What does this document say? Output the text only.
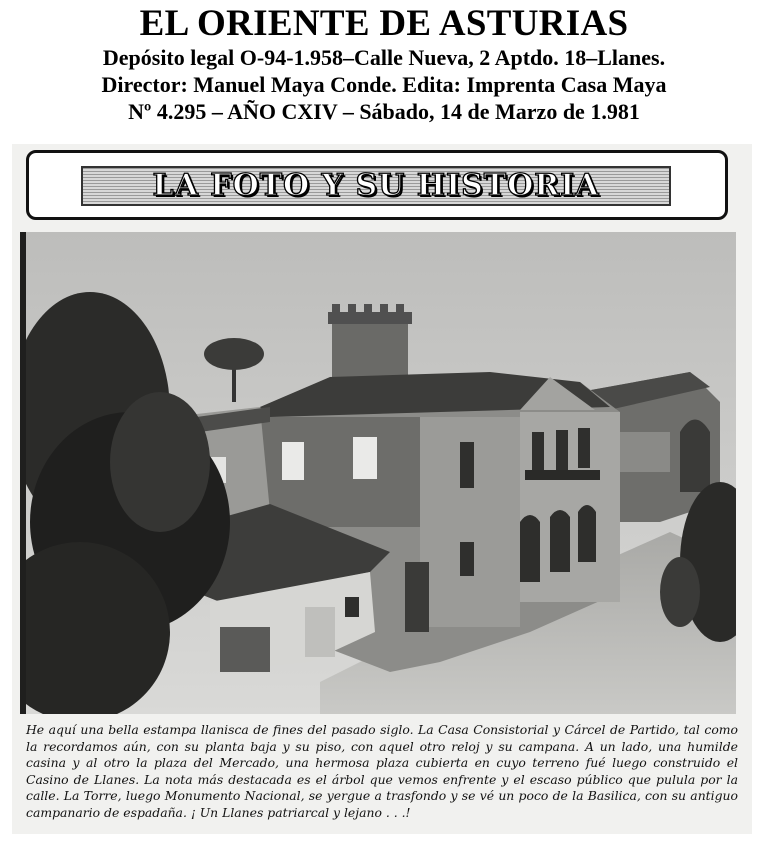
EL ORIENTE DE ASTURIAS
Depósito legal O-94-1.958–Calle Nueva, 2 Aptdo. 18–Llanes.
Director: Manuel Maya Conde. Edita: Imprenta Casa Maya
Nº 4.295 – AÑO CXIV – Sábado, 14 de Marzo de 1.981
LA FOTO Y SU HISTORIA
He aquí una bella estampa llanisca de fines del pasado siglo. La Casa Consistorial y Cárcel de Partido, tal como la recordamos aún, con su planta baja y su piso, con aquel otro reloj y su campana. A un lado, una humilde casina y al otro la plaza del Mercado, una hermosa plaza cubierta en cuyo terreno fué luego construido el Casino de Llanes. La nota más destacada es el árbol que vemos enfrente y el escaso público que pulula por la calle. La Torre, luego Monumento Nacional, se yergue a trasfondo y se vé un poco de la Basilica, con su antiguo campanario de espadaña. ¡ Un Llanes patriarcal y lejano . . .!
